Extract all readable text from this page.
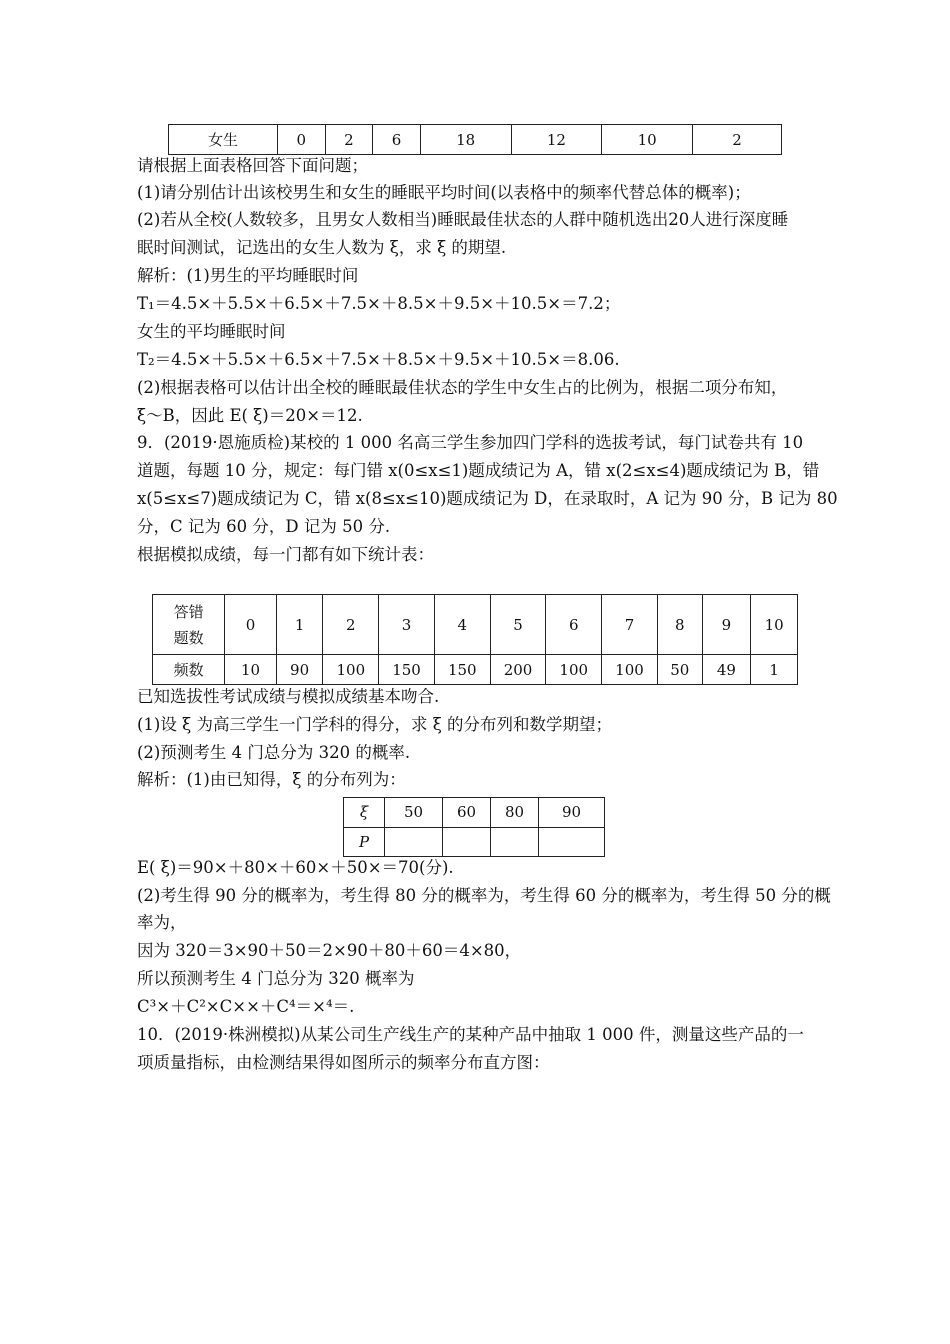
女生	0	2	6	18	12	10	2
请根据上面表格回答下面问题；
(1)请分别估计出该校男生和女生的睡眠平均时间(以表格中的频率代替总体的概率)；
(2)若从全校(人数较多，且男女人数相当)睡眠最佳状态的人群中随机选出20人进行深度睡
眠时间测试，记选出的女生人数为 ξ，求 ξ 的期望.
解析：(1)男生的平均睡眠时间
T₁＝4.5×＋5.5×＋6.5×＋7.5×＋8.5×＋9.5×＋10.5×＝7.2；
女生的平均睡眠时间
T₂＝4.5×＋5.5×＋6.5×＋7.5×＋8.5×＋9.5×＋10.5×＝8.06.
(2)根据表格可以估计出全校的睡眠最佳状态的学生中女生占的比例为，根据二项分布知，
ξ～B，因此 E( ξ)＝20×＝12.
9．(2019·恩施质检)某校的 1 000 名高三学生参加四门学科的选拔考试，每门试卷共有 10
道题，每题 10 分，规定：每门错 x(0≤x≤1)题成绩记为 A，错 x(2≤x≤4)题成绩记为 B，错
x(5≤x≤7)题成绩记为 C，错 x(8≤x≤10)题成绩记为 D，在录取时，A 记为 90 分，B 记为 80
分，C 记为 60 分，D 记为 50 分.
根据模拟成绩，每一门都有如下统计表：
答错
题数	0	1	2	3	4	5	6	7	8	9	10
频数	10	90	100	150	150	200	100	100	50	49	1
已知选拔性考试成绩与模拟成绩基本吻合.
(1)设 ξ 为高三学生一门学科的得分，求 ξ 的分布列和数学期望；
(2)预测考生 4 门总分为 320 的概率.
解析：(1)由已知得，ξ 的分布列为：
ξ	50	60	80	90
P				
E( ξ)＝90×＋80×＋60×＋50×＝70(分).
(2)考生得 90 分的概率为，考生得 80 分的概率为，考生得 60 分的概率为，考生得 50 分的概
率为，
因为 320＝3×90＋50＝2×90＋80＋60＝4×80，
所以预测考生 4 门总分为 320 概率为
C³×＋C²×C××＋C⁴＝×⁴＝.
10．(2019·株洲模拟)从某公司生产线生产的某种产品中抽取 1 000 件，测量这些产品的一
项质量指标，由检测结果得如图所示的频率分布直方图：
